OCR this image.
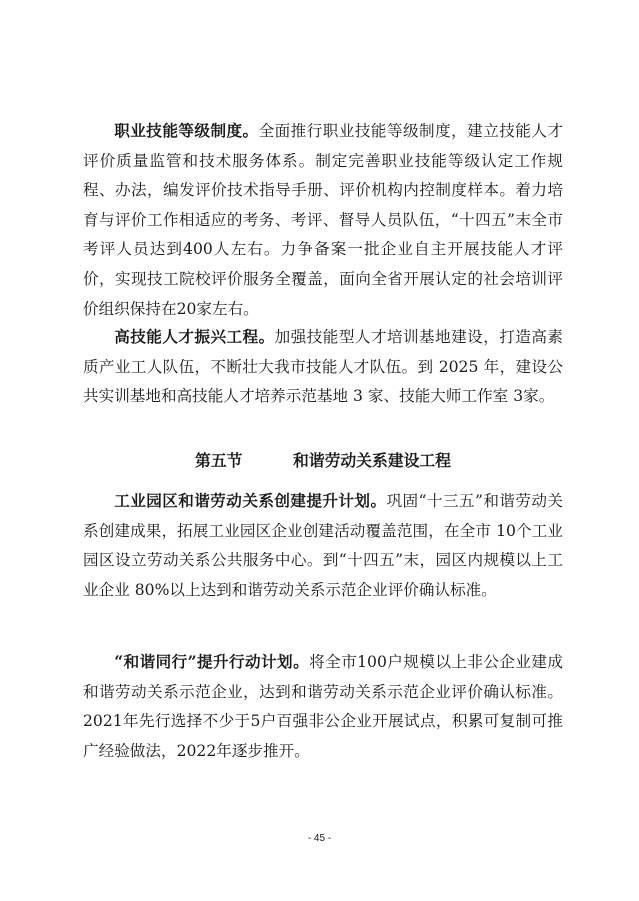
职业技能等级制度。全面推行职业技能等级制度，建立技能人才评价质量监管和技术服务体系。制定完善职业技能等级认定工作规程、办法，编发评价技术指导手册、评价机构内控制度样本。着力培育与评价工作相适应的考务、考评、督导人员队伍，“十四五”末全市考评人员达到400人左右。力争备案一批企业自主开展技能人才评价，实现技工院校评价服务全覆盖，面向全省开展认定的社会培训评价组织保持在20家左右。

高技能人才振兴工程。加强技能型人才培训基地建设，打造高素质产业工人队伍，不断壮大我市技能人才队伍。到 2025 年，建设公共实训基地和高技能人才培养示范基地 3 家、技能大师工作室 3家。

第五节	和谐劳动关系建设工程

工业园区和谐劳动关系创建提升计划。巩固“十三五”和谐劳动关系创建成果，拓展工业园区企业创建活动覆盖范围，在全市 10个工业园区设立劳动关系公共服务中心。到“十四五”末，园区内规模以上工业企业 80%以上达到和谐劳动关系示范企业评价确认标准。

“和谐同行”提升行动计划。将全市100户规模以上非公企业建成和谐劳动关系示范企业，达到和谐劳动关系示范企业评价确认标准。2021年先行选择不少于5户百强非公企业开展试点，积累可复制可推广经验做法，2022年逐步推开。

- 45 -
